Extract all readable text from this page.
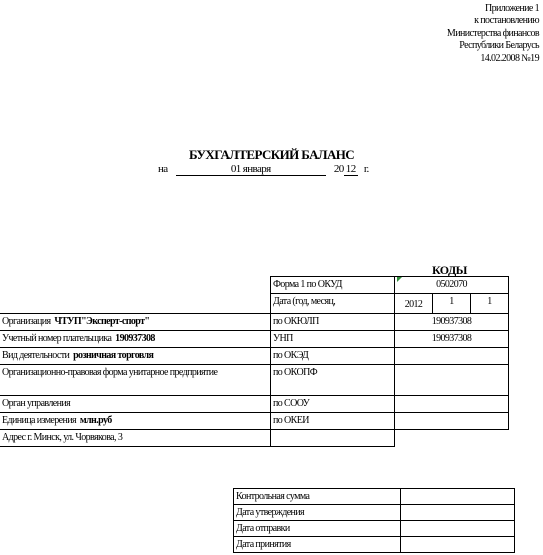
Приложение 1
к постановлению
Министерства финансов
Республики Беларусь
14.02.2008 №19
БУХГАЛТЕРСКИЙ БАЛАНС
на	01 января	20 12 г.
КОДЫ
	Форма 1 по ОКУД	0502070		
	Дата (год, месяц,	2012	1	1
Организация ЧТУП"Эксперт-спорт"	по ОКЮЛП	190937308		
Учетный номер плательщика 190937308	УНП	190937308		
Вид деятельности розничная торговля	по ОКЭД			
Организационно-правовая форма унитарное предприятие	по ОКОПФ			
Орган управления	по СООУ			
Единица измерения млн.руб	по ОКЕИ			
Адрес г. Минск, ул. Чорвякова, 3				
Контрольная сумма	
Дата утверждения	
Дата отправки	
Дата принятия	
